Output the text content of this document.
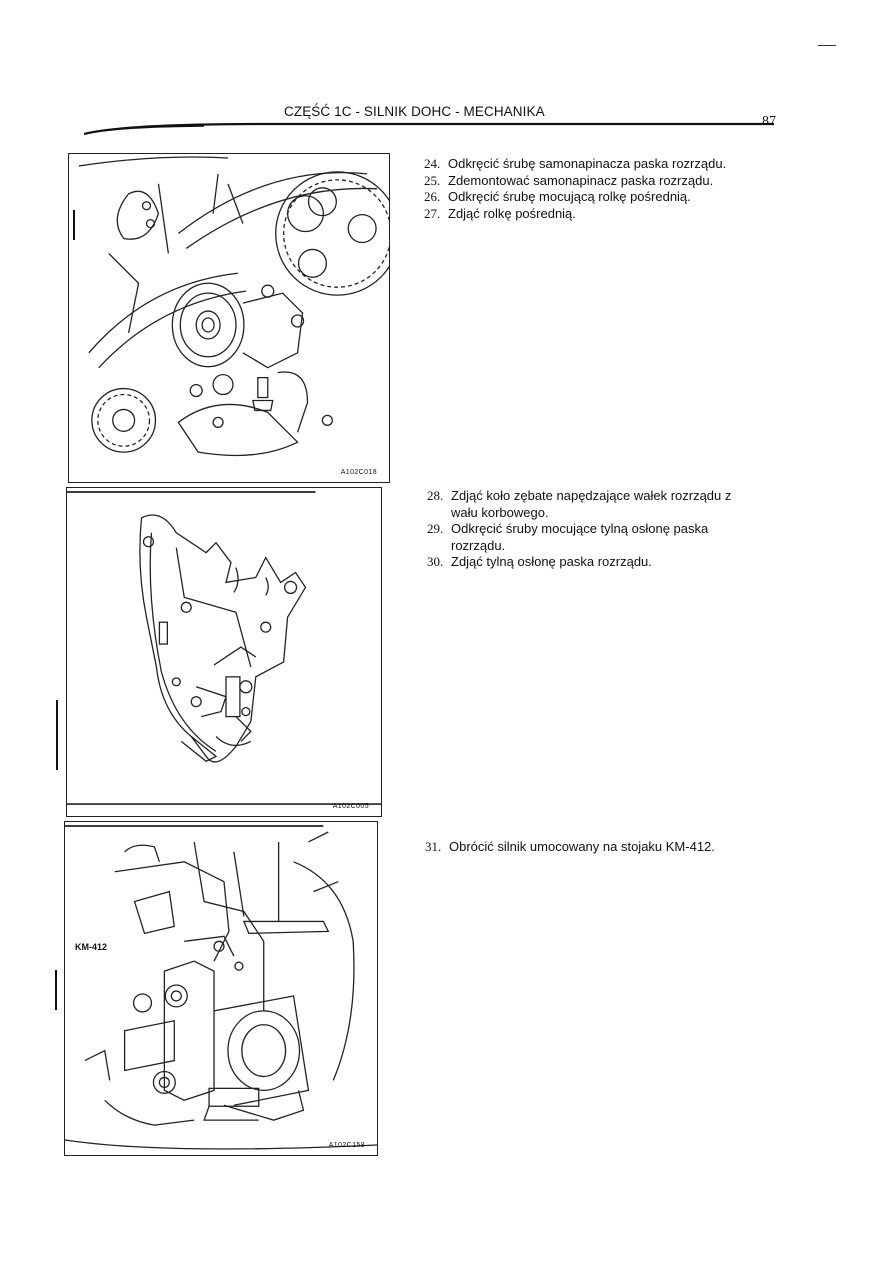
CZĘŚĆ 1C - SILNIK DOHC - MECHANIKA
87
A102C018
A102C005
KM-412
A102C158
24. Odkręcić śrubę samonapinacza paska rozrządu.
25. Zdemontować samonapinacz paska rozrządu.
26. Odkręcić śrubę mocującą rolkę pośrednią.
27. Zdjąć rolkę pośrednią.
28. Zdjąć koło zębate napędzające wałek rozrządu z
wału korbowego.
29. Odkręcić śruby mocujące tylną osłonę paska
rozrządu.
30. Zdjąć tylną osłonę paska rozrządu.
31. Obrócić silnik umocowany na stojaku KM-412.
